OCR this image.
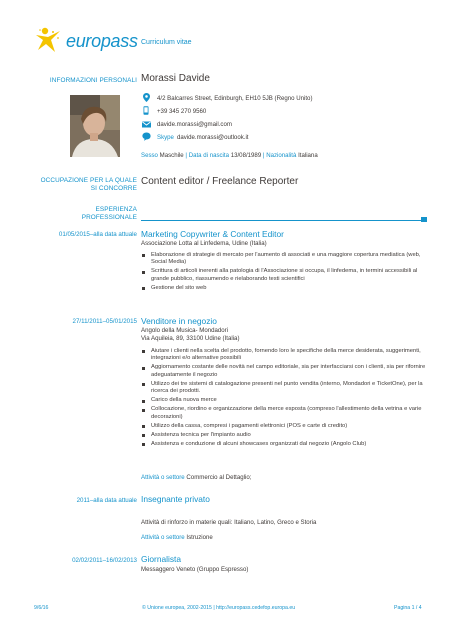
europass Curriculum vitae
INFORMAZIONI PERSONALI Morassi Davide
4/2 Balcarres Street, Edinburgh, EH10 5JB (Regno Unito)
+39 345 270 9560
davide.morassi@gmail.com
Skype davide.morassi@outlook.it
Sesso Maschile | Data di nascita 13/08/1989 | Nazionalità Italiana
OCCUPAZIONE PER LA QUALE
SI CONCORRE
Content editor / Freelance Reporter
ESPERIENZA
PROFESSIONALE
01/05/2015–alla data attuale Marketing Copywriter & Content Editor
Associazione Lotta al Linfedema, Udine (Italia)
Elaborazione di strategie di mercato per l'aumento di associati e una maggiore copertura mediatica (web, Social Media)
Scrittura di articoli inerenti alla patologia di l'Associazione si occupa, il linfedema, in termini accessibili al grande pubblico, riassumendo e rielaborando testi scientifici
Gestione del sito web
27/11/2011–05/01/2015 Venditore in negozio
Angolo della Musica- Mondadori
Via Aquileia, 89, 33100 Udine (Italia)
Aiutare i clienti nella scelta del prodotto, fornendo loro le specifiche della merce desiderata, suggerimenti, integrazioni e/o alternative possibili
Aggiornamento costante delle novità nel campo editoriale, sia per interfacciarsi con i clienti, sia per rifornire adeguatamente il negozio
Utilizzo dei tre sistemi di catalogazione presenti nel punto vendita (interno, Mondadori e TicketOne), per la ricerca dei prodotti.
Carico della nuova merce
Collocazione, riordino e organizzazione della merce esposta (compreso l'allestimento della vetrina e varie decorazioni)
Utilizzo della cassa, compresi i pagamenti elettronici (POS e carte di credito)
Assistenza tecnica per l'impianto audio
Assistenza e conduzione di alcuni showcases organizzati dal negozio (Angolo Club)
Attività o settore Commercio al Dettaglio;
2011–alla data attuale Insegnante privato
Attività di rinforzo in materie quali: Italiano, Latino, Greco e Storia
Attività o settore Istruzione
02/02/2011–16/02/2013 Giornalista
Messaggero Veneto (Gruppo Espresso)
9/6/16	© Unione europea, 2002-2015 | http://europass.cedefop.europa.eu	Pagina 1 / 4
